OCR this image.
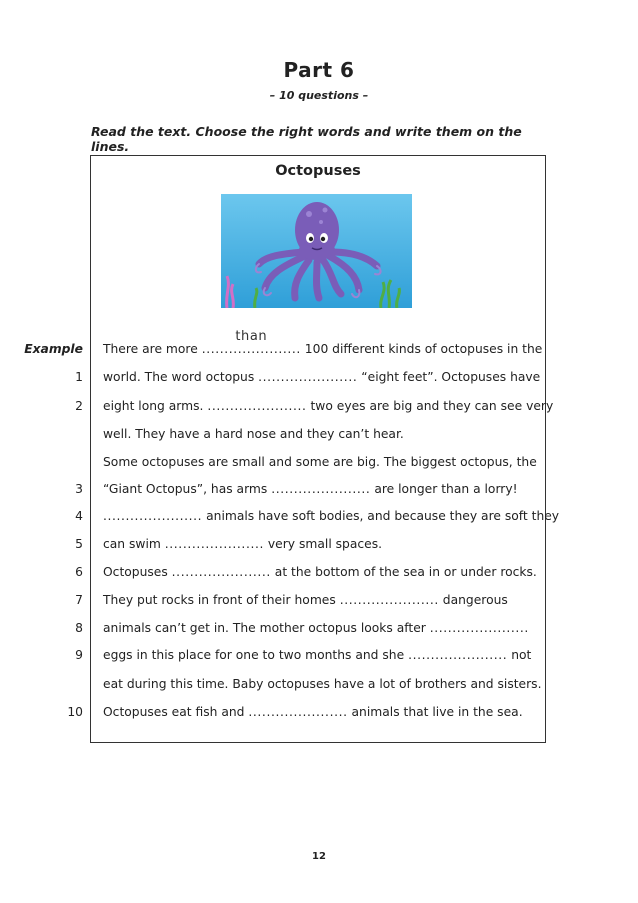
Part 6
– 10 questions –
Read the text. Choose the right words and write them on the lines.
Octopuses
Example
1
2
3
4
5
6
7
8
9
10
There are more
than
...................... 100 different kinds of octopuses in the
world. The word octopus ...................... “eight feet”. Octopuses have
eight long arms. ...................... two eyes are big and they can see very
well. They have a hard nose and they can’t hear.
Some octopuses are small and some are big. The biggest octopus, the
“Giant Octopus”, has arms ...................... are longer than a lorry!
...................... animals have soft bodies, and because they are soft they
can swim ...................... very small spaces.
Octopuses ...................... at the bottom of the sea in or under rocks.
They put rocks in front of their homes ...................... dangerous
animals can’t get in. The mother octopus looks after ......................
eggs in this place for one to two months and she ...................... not
eat during this time. Baby octopuses have a lot of brothers and sisters.
Octopuses eat fish and ...................... animals that live in the sea.
12
